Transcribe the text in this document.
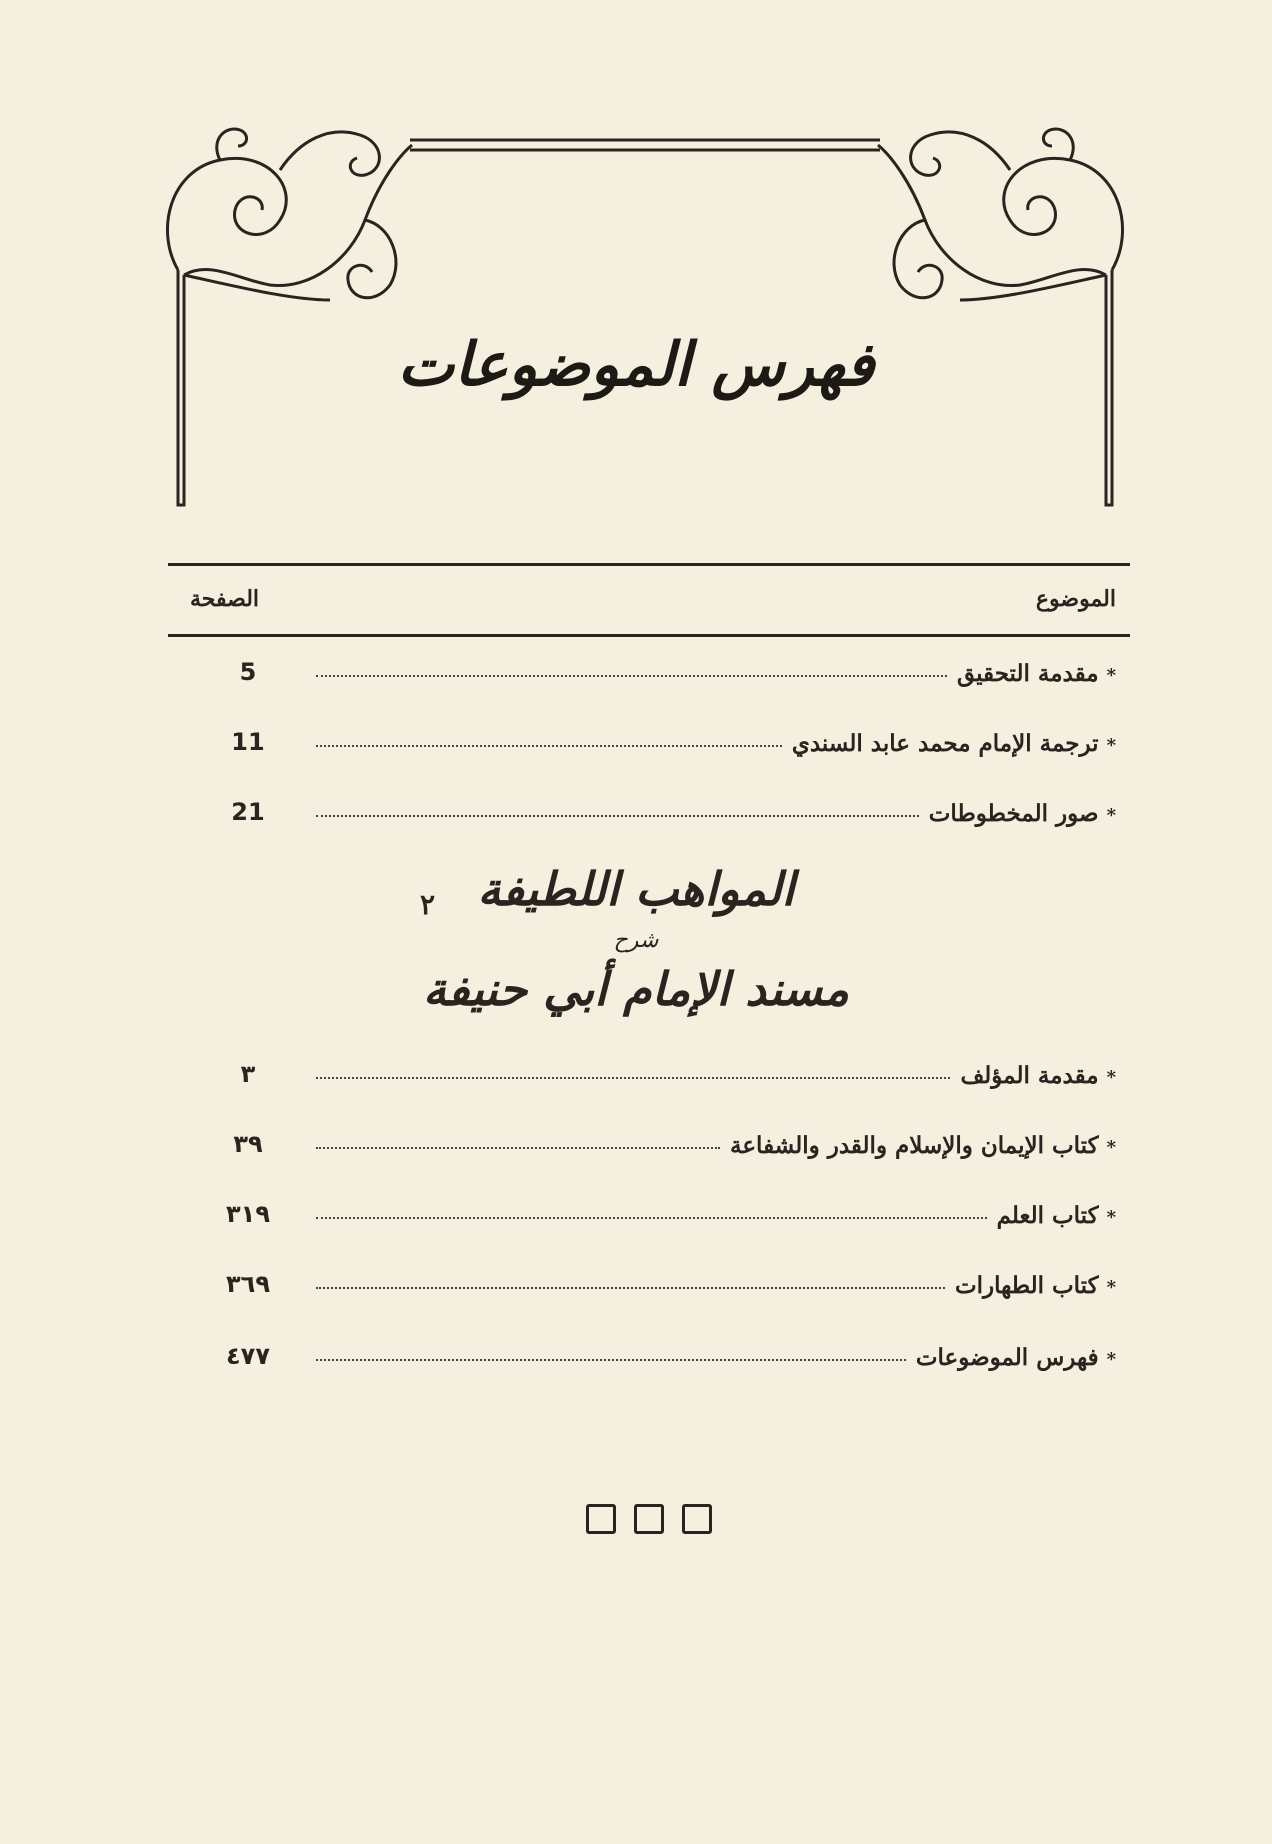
فهرس الموضوعات
الموضوع
الصفحة
*
مقدمة التحقيق
5
*
ترجمة الإمام محمد عابد السندي
11
*
صور المخطوطات
21
٢ المواهب اللطيفة
شرح
مسند الإمام أبي حنيفة
*
مقدمة المؤلف
٣
*
كتاب الإيمان والإسلام والقدر والشفاعة
٣٩
*
كتاب العلم
٣١٩
*
كتاب الطهارات
٣٦٩
*
فهرس الموضوعات
٤٧٧
